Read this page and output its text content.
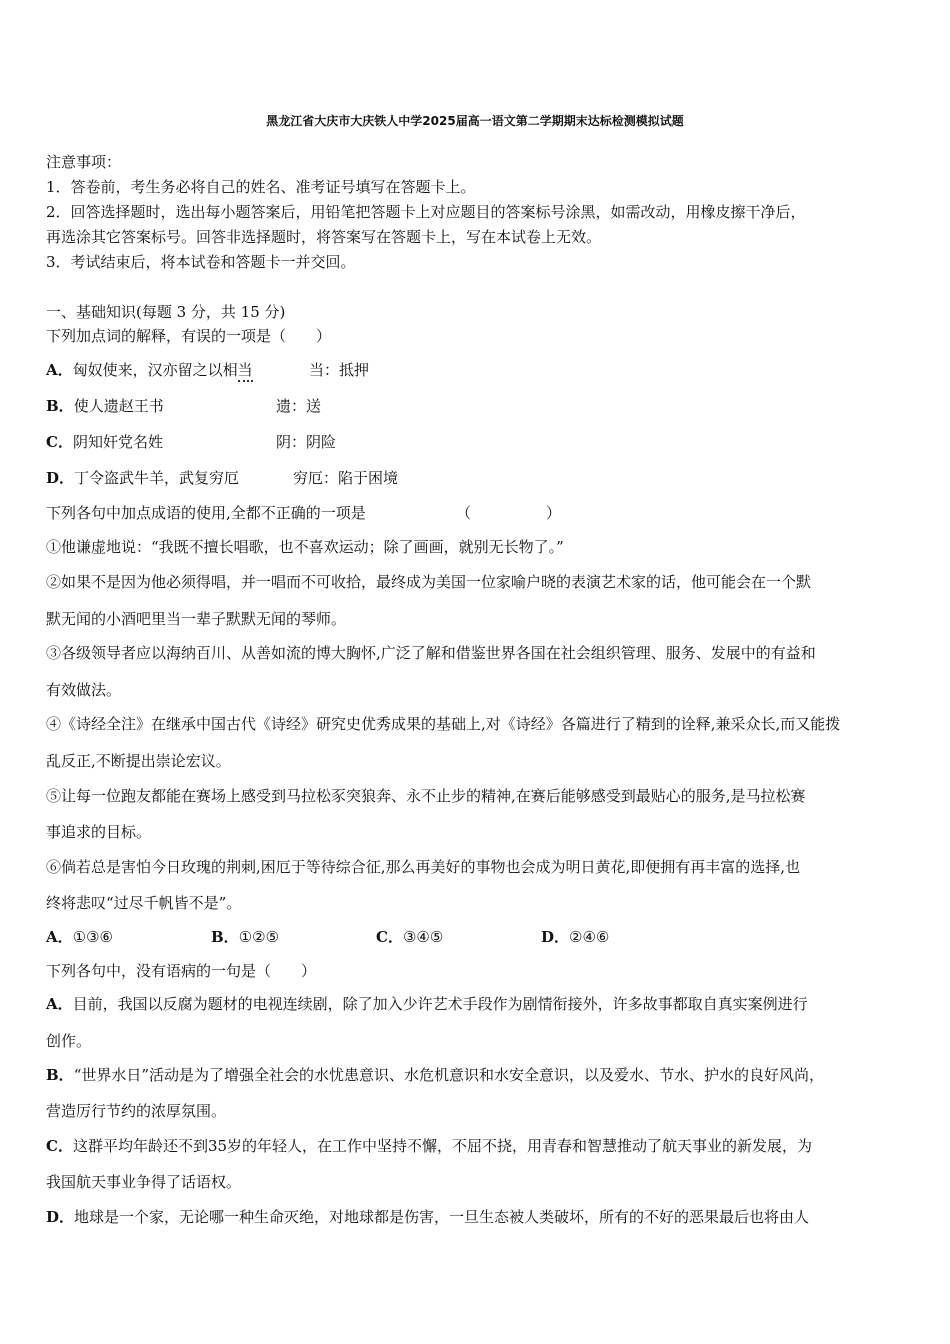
黑龙江省大庆市大庆铁人中学2025届高一语文第二学期期末达标检测模拟试题
注意事项：
1．答卷前，考生务必将自己的姓名、准考证号填写在答题卡上。
2．回答选择题时，选出每小题答案后，用铅笔把答题卡上对应题目的答案标号涂黑，如需改动，用橡皮擦干净后，
再选涂其它答案标号。回答非选择题时，将答案写在答题卡上，写在本试卷上无效。
3．考试结束后，将本试卷和答题卡一并交回。
一、基础知识(每题 3 分，共 15 分)
下列加点词的解释，有误的一项是（　　）
A．匈奴使来，汉亦留之以相当	当：抵押
B．使人遗赵王书	遗：送
C．阴知奸党名姓	阴：阴险
D．丁令盗武牛羊，武复穷厄	穷厄：陷于困境
下列各句中加点成语的使用,全都不正确的一项是	（　　　　　）
①他谦虚地说：“我既不擅长唱歌，也不喜欢运动；除了画画，就别无长物了。”
②如果不是因为他必须得唱，并一唱而不可收拾，最终成为美国一位家喻户晓的表演艺术家的话，他可能会在一个默
默无闻的小酒吧里当一辈子默默无闻的琴师。
③各级领导者应以海纳百川、从善如流的博大胸怀,广泛了解和借鉴世界各国在社会组织管理、服务、发展中的有益和
有效做法。
④《诗经全注》在继承中国古代《诗经》研究史优秀成果的基础上,对《诗经》各篇进行了精到的诠释,兼采众长,而又能拨
乱反正,不断提出崇论宏议。
⑤让每一位跑友都能在赛场上感受到马拉松豕突狼奔、永不止步的精神,在赛后能够感受到最贴心的服务,是马拉松赛
事追求的目标。
⑥倘若总是害怕今日玫瑰的荆刺,困厄于等待综合征,那么再美好的事物也会成为明日黄花,即便拥有再丰富的选择,也
终将悲叹“过尽千帆皆不是”。
A．①③⑥	B．①②⑤	C．③④⑤	D．②④⑥
下列各句中，没有语病的一句是（　　）
A．目前，我国以反腐为题材的电视连续剧，除了加入少许艺术手段作为剧情衔接外，许多故事都取自真实案例进行
创作。
B．“世界水日”活动是为了增强全社会的水忧患意识、水危机意识和水安全意识，以及爱水、节水、护水的良好风尚，
营造厉行节约的浓厚氛围。
C．这群平均年龄还不到35岁的年轻人，在工作中坚持不懈，不屈不挠，用青春和智慧推动了航天事业的新发展，为
我国航天事业争得了话语权。
D．地球是一个家，无论哪一种生命灭绝，对地球都是伤害，一旦生态被人类破坏，所有的不好的恶果最后也将由人
